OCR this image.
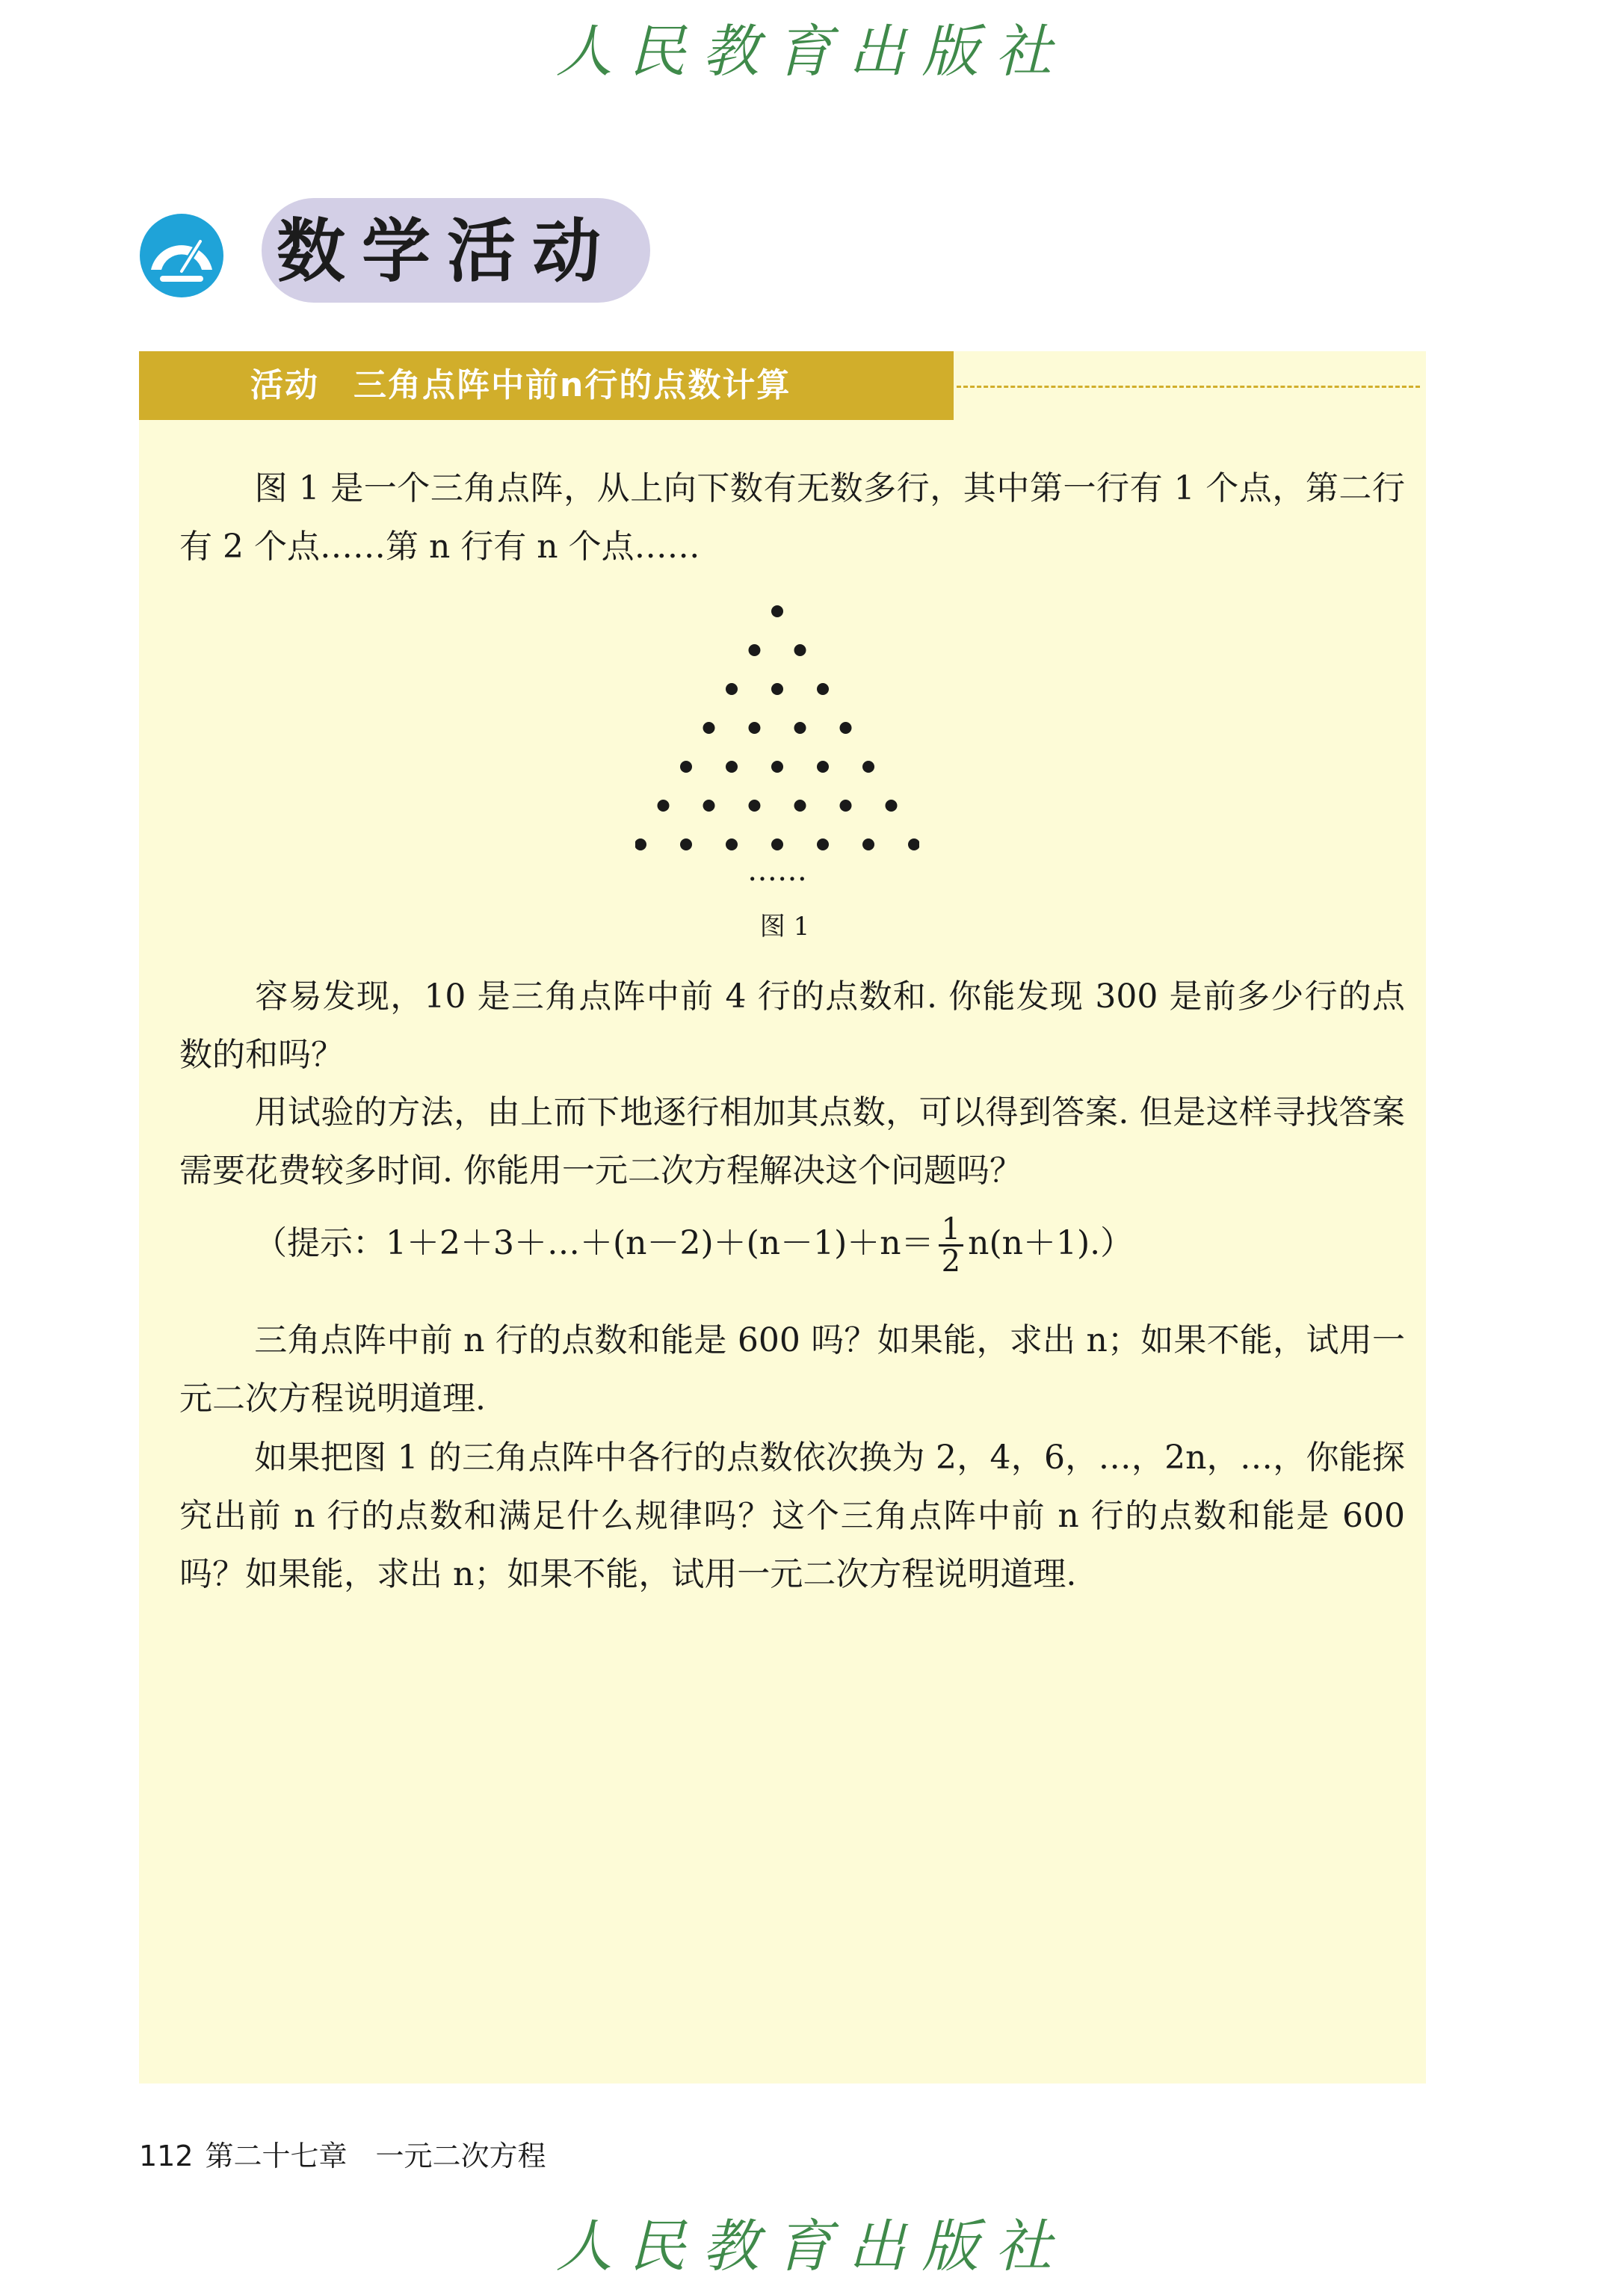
人民教育出版社
数学活动
活动　三角点阵中前n行的点数计算

图 1 是一个三角点阵，从上向下数有无数多行，其中第一行有 1 个点，第二行有 2 个点……第 n 行有 n 个点……

……
图 1

容易发现，10 是三角点阵中前 4 行的点数和. 你能发现 300 是前多少行的点数的和吗？

用试验的方法，由上而下地逐行相加其点数，可以得到答案. 但是这样寻找答案需要花费较多时间. 你能用一元二次方程解决这个问题吗？

（提示：1＋2＋3＋…＋(n－2)＋(n－1)＋n＝ $\frac{1}{2} n(n+1)$.）

三角点阵中前 n 行的点数和能是 600 吗？如果能，求出 n；如果不能，试用一元二次方程说明道理.

如果把图 1 的三角点阵中各行的点数依次换为 2，4，6，…，2n，…，你能探究出前 n 行的点数和满足什么规律吗？这个三角点阵中前 n 行的点数和能是 600 吗？如果能，求出 n；如果不能，试用一元二次方程说明道理.

112 第二十七章　一元二次方程
人民教育出版社
